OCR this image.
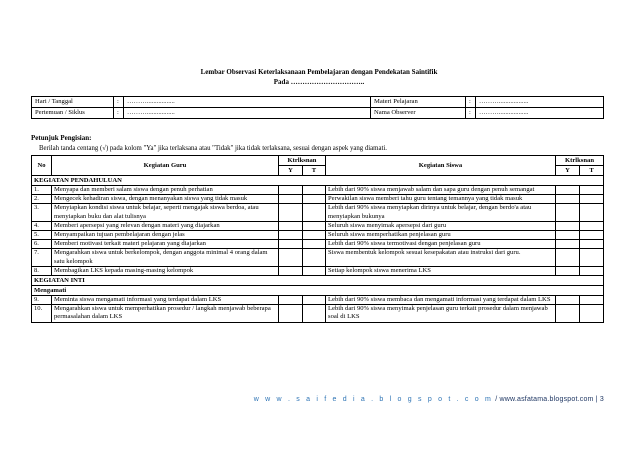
Lembar Observasi Keterlaksanaan Pembelajaran dengan Pendekatan Saintifik
Pada …………………………..
Hari / Tanggal	:	……….................	Materi Pelajaran	:	………..................
Pertemuan / Siklus	:	……….................	Nama Observer	:	………..................
Petunjuk Pengisian:
Berilah tanda centang (√) pada kolom "Ya" jika terlaksana atau "Tidak" jika tidak terlaksana, sesuai dengan aspek yang diamati.
No	Kegiatan Guru	Ktrlksnan		Kegiatan Siswa	Ktrlksnan	
		Y	T		Y	T
KEGIATAN PENDAHULUAN						
1.	Menyapa dan memberi salam siswa dengan penuh perhatian			Lebih dari 90% siswa menjawab salam dan sapa guru dengan penuh semangat		
2.	Mengecek kehadiran siswa, dengan menanyakan siswa yang tidak masuk			Perwakilan siswa memberi tahu guru tentang temannya yang tidak masuk		
3.	Menyiapkan kondisi siswa untuk belajar, seperti mengajak siswa berdoa, atau menyiapkan buku dan alat tulisnya			Lebih dari 90% siswa menyiapkan dirinya untuk belajar, dengan berdo'a atau menyiapkan bukunya		
4.	Memberi apersepsi yang relevan dengan materi yang diajarkan			Seluruh siswa menyimak apersepsi dari guru		
5.	Menyampaikan tujuan pembelajaran dengan jelas			Seluruh siswa memperhatikan penjelasan guru		
6.	Memberi motivasi terkait materi pelajaran yang diajarkan			Lebih dari 90% siswa termotivasi dengan penjelasan guru		
7.	Mengarahkan siswa untuk berkelompok, dengan anggota minimal 4 orang dalam satu kelompok			Siswa membentuk kelompok sesuai kesepakatan atau instruksi dari guru.		
8.	Membagikan LKS kepada masing-masing kelompok			Setiap kelompok siswa menerima LKS		
KEGIATAN INTI						
Mengamati						
9.	Meminta siswa mengamati informasi yang terdapat dalam LKS			Lebih dari 90% siswa membaca dan mengamati informasi yang terdapat dalam LKS		
10.	Mengarahkan siswa untuk memperhatikan prosedur / langkah menjawab beberapa permasalahan dalam LKS			Lebih dari 90% siswa menyimak penjelasan guru terkait prosedur dalam menjawab soal di LKS		
w w w . s a i f e d i a . b l o g s p o t . c o m / www.asfatama.blogspot.com | 3
